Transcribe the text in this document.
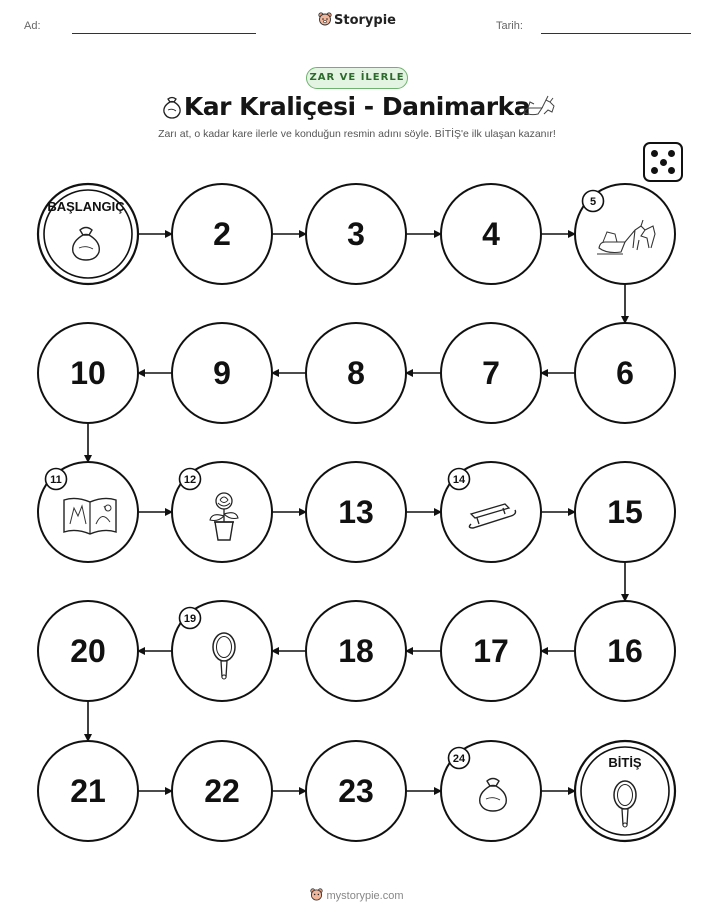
Ad:	Storypie	Tarih:
ZAR VE İLERLE
Kar Kraliçesi - Danimarka
Zarı at, o kadar kare ilerle ve konduğun resmin adını söyle. BİTİŞ'e ilk ulaşan kazanır!
BAŞLANGIÇ
2	3	4
5
10	9	8	7	6
11	12
13
14
15
20
19
18	17	16
21	22	23
24	BİTİŞ
mystorypie.com
